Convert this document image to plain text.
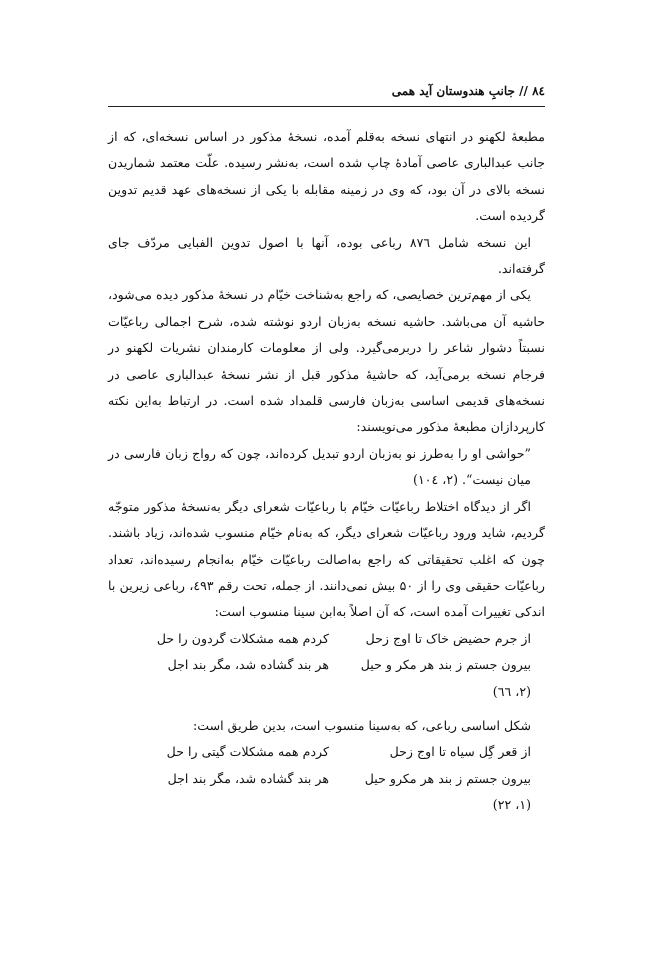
۸٤ // جانبِ هندوستان آید همی

مطبعهٔ لکهنو در انتهای نسخه به‌قلم آمده، نسخهٔ مذکور در اساس نسخه‌ای، که از جانب عبدالباری عاصی آمادهٔ چاپ شده است، به‌نشر رسیده. علّت معتمد شماریدن نسخه بالای در آن بود، که وی در زمینه مقابله با یکی از نسخه‌های عهد قدیم تدوین گردیده است.

این نسخه شامل ۸۷٦ رباعی بوده، آنها با اصول تدوین الفبایی مردّف جای گرفته‌اند.

یکی از مهم‌ترین خصایصی، که راجع به‌شناخت خیّام در نسخهٔ مذکور دیده می‌شود، حاشیه آن می‌باشد. حاشیه نسخه به‌زبان اردو نوشته شده، شرح اجمالی رباعیّات نسبتاً دشوار شاعر را دربرمی‌گیرد. ولی از معلومات کارمندان نشریات لکهنو در فرجام نسخه برمی‌آید، که حاشیهٔ مذکور قبل از نشر نسخهٔ عبدالباری عاصی در نسخه‌های قدیمی اساسی به‌زبان فارسی قلمداد شده است. در ارتباط به‌این نکته کارپردازان مطبعهٔ مذکور می‌نویسند:

”حواشی او را به‌طرز نو به‌زبان اردو تبدیل کرده‌اند، چون که رواج زبان فارسی در میان نیست“. (۲، ۱۰٤)

اگر از دیدگاه اختلاط رباعیّات خیّام با رباعیّات شعرای دیگر به‌نسخهٔ مذکور متوجّه گردیم، شاید ورود رباعیّات شعرای دیگر، که به‌نام خیّام منسوب شده‌اند، زیاد باشند. چون که اغلب تحقیقاتی که راجع به‌اصالت رباعیّات خیّام به‌انجام رسیده‌اند، تعداد رباعیّات حقیقی وی را از ۵۰ بیش نمی‌دانند. از جمله، تحت رقم ٤۹۳، رباعی زیرین با اندکی تغییرات آمده است، که آن اصلاً به‌ابن سینا منسوب است:

از جرم حضیض خاک تا اوج زحل
کردم همه مشکلات گردون را حل
بیرون جستم ز بند هر مکر و حیل
هر بند گشاده شد، مگر بند اجل
(۲، ٦٦)

شکل اساسی رباعی، که به‌سینا منسوب است، بدین طریق است:

از قعر گِل سیاه تا اوج زحل
کردم همه مشکلات گیتی را حل
بیرون جستم ز بند هر مکرو حیل
هر بند گشاده شد، مگر بند اجل
(۱، ۲۲)
